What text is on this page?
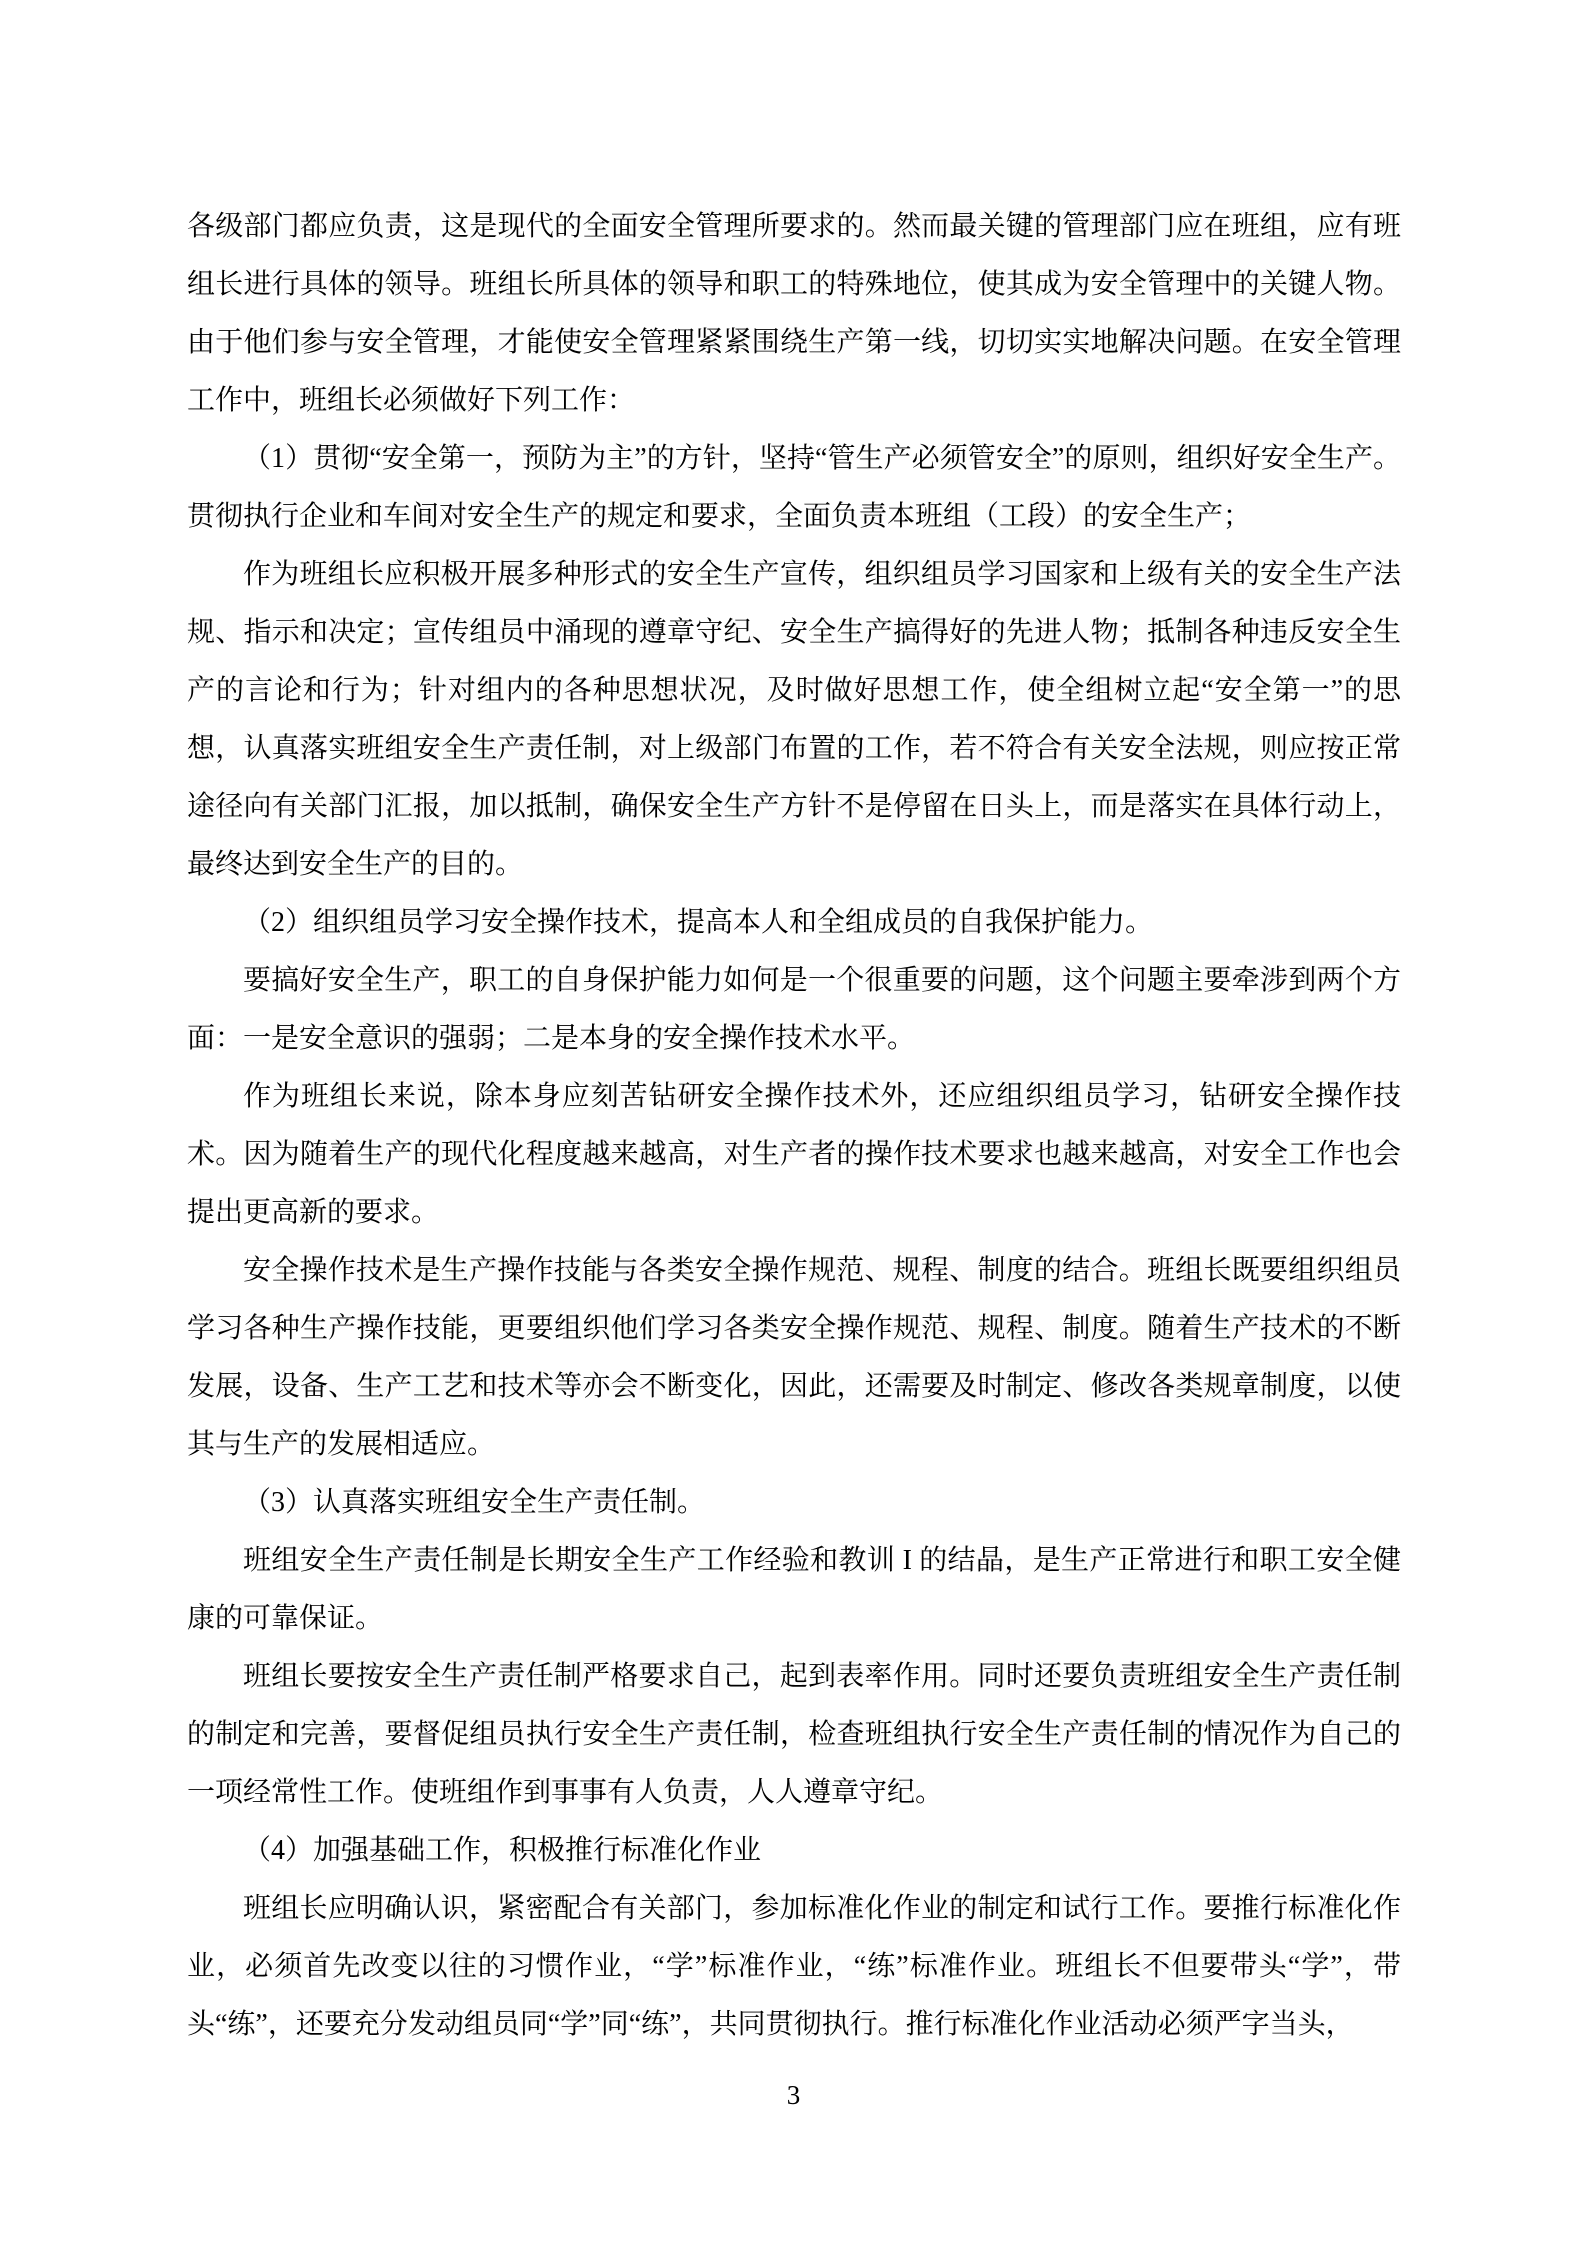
各级部门都应负责，这是现代的全面安全管理所要求的。然而最关键的管理部门应在班组，应有班组长进行具体的领导。班组长所具体的领导和职工的特殊地位，使其成为安全管理中的关键人物。由于他们参与安全管理，才能使安全管理紧紧围绕生产第一线，切切实实地解决问题。在安全管理工作中，班组长必须做好下列工作：

（1）贯彻“安全第一，预防为主”的方针，坚持“管生产必须管安全”的原则，组织好安全生产。贯彻执行企业和车间对安全生产的规定和要求，全面负责本班组（工段）的安全生产；

作为班组长应积极开展多种形式的安全生产宣传，组织组员学习国家和上级有关的安全生产法规、指示和决定；宣传组员中涌现的遵章守纪、安全生产搞得好的先进人物；抵制各种违反安全生产的言论和行为；针对组内的各种思想状况，及时做好思想工作，使全组树立起“安全第一”的思想，认真落实班组安全生产责任制，对上级部门布置的工作，若不符合有关安全法规，则应按正常途径向有关部门汇报，加以抵制，确保安全生产方针不是停留在日头上，而是落实在具体行动上，最终达到安全生产的目的。

（2）组织组员学习安全操作技术，提高本人和全组成员的自我保护能力。

要搞好安全生产，职工的自身保护能力如何是一个很重要的问题，这个问题主要牵涉到两个方面：一是安全意识的强弱；二是本身的安全操作技术水平。

作为班组长来说，除本身应刻苦钻研安全操作技术外，还应组织组员学习，钻研安全操作技术。因为随着生产的现代化程度越来越高，对生产者的操作技术要求也越来越高，对安全工作也会提出更高新的要求。

安全操作技术是生产操作技能与各类安全操作规范、规程、制度的结合。班组长既要组织组员学习各种生产操作技能，更要组织他们学习各类安全操作规范、规程、制度。随着生产技术的不断发展，设备、生产工艺和技术等亦会不断变化，因此，还需要及时制定、修改各类规章制度，以使其与生产的发展相适应。

（3）认真落实班组安全生产责任制。

班组安全生产责任制是长期安全生产工作经验和教训 I 的结晶，是生产正常进行和职工安全健康的可靠保证。

班组长要按安全生产责任制严格要求自己，起到表率作用。同时还要负责班组安全生产责任制的制定和完善，要督促组员执行安全生产责任制，检查班组执行安全生产责任制的情况作为自己的一项经常性工作。使班组作到事事有人负责，人人遵章守纪。

（4）加强基础工作，积极推行标准化作业

班组长应明确认识，紧密配合有关部门，参加标准化作业的制定和试行工作。要推行标准化作业，必须首先改变以往的习惯作业，“学”标准作业，“练”标准作业。班组长不但要带头“学”，带头“练”，还要充分发动组员同“学”同“练”，共同贯彻执行。推行标准化作业活动必须严字当头，

3
